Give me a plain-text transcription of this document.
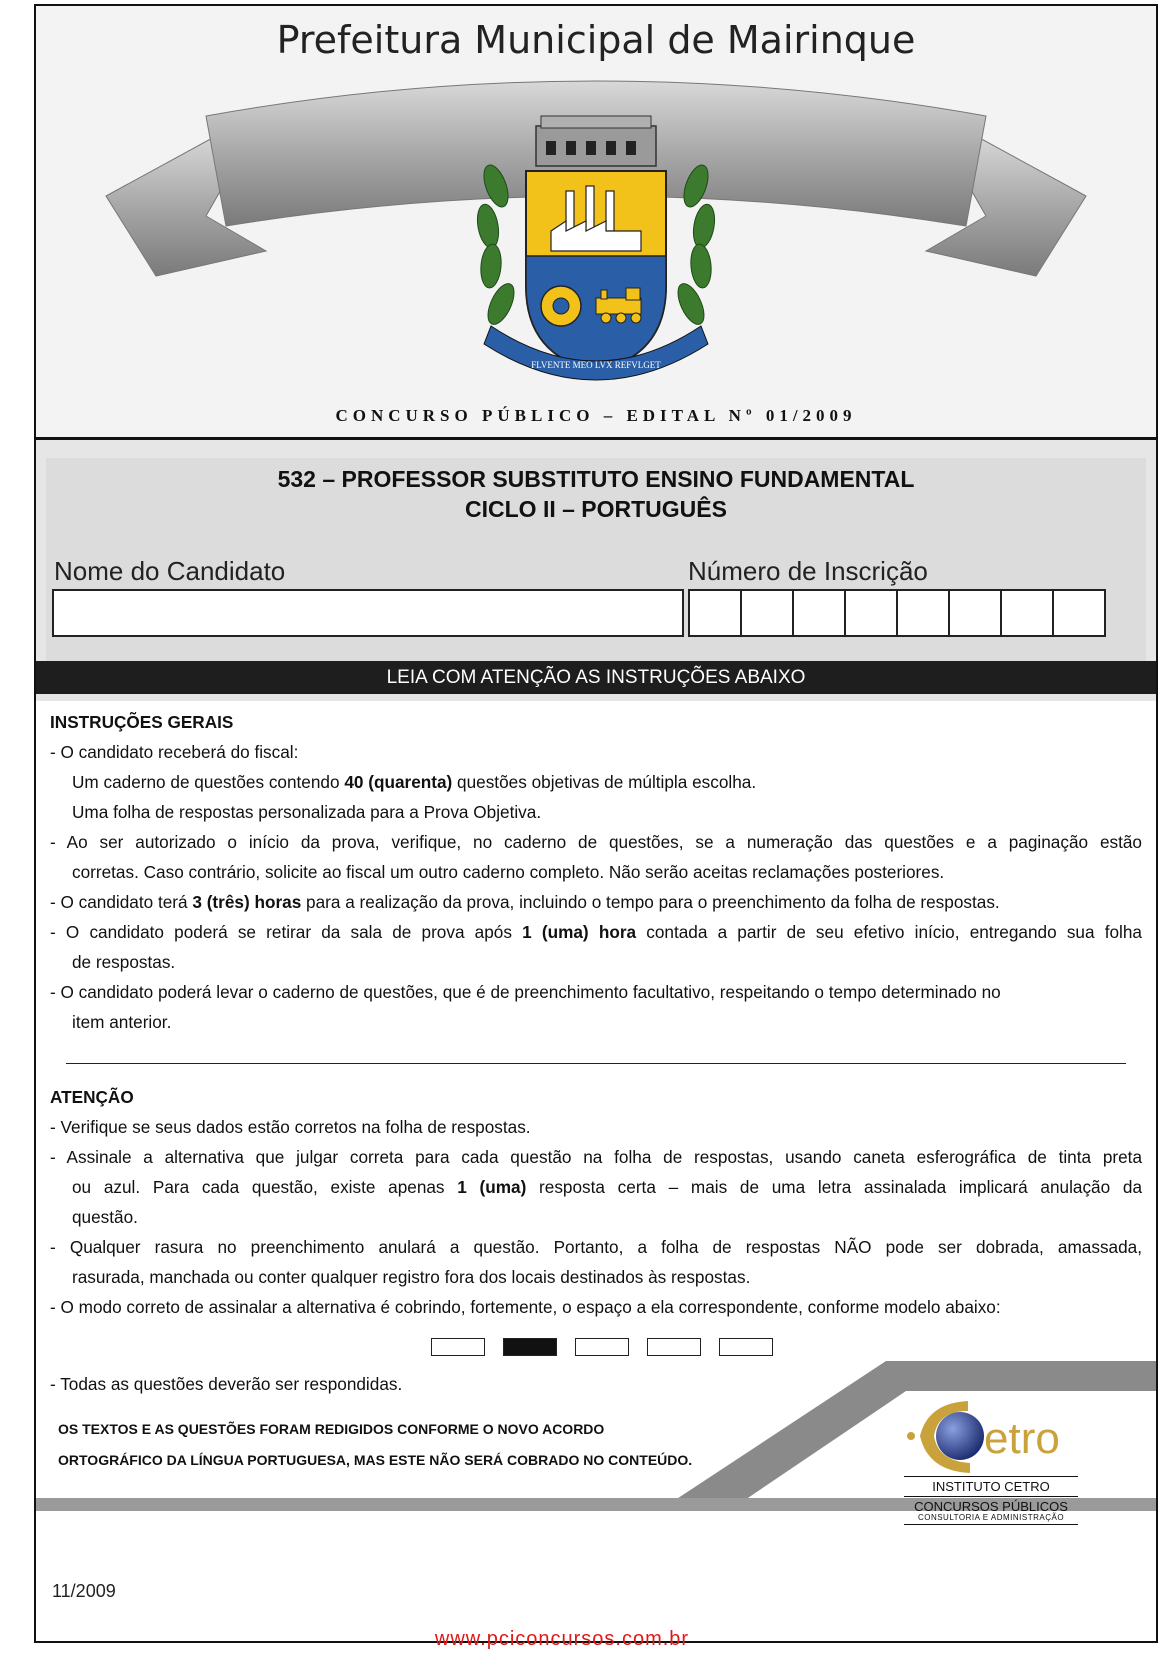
Prefeitura Municipal de Mairinque
FLVENTE MEO LVX REFVLGET
CONCURSO PÚBLICO – EDITAL Nº 01/2009
532 – PROFESSOR SUBSTITUTO ENSINO FUNDAMENTAL
CICLO II – PORTUGUÊS
Nome do Candidato	Número de Inscrição
LEIA COM ATENÇÃO AS INSTRUÇÕES ABAIXO
INSTRUÇÕES GERAIS
- O candidato receberá do fiscal:
Um caderno de questões contendo 40 (quarenta) questões objetivas de múltipla escolha.
Uma folha de respostas personalizada para a Prova Objetiva.
- Ao ser autorizado o início da prova, verifique, no caderno de questões, se a numeração das questões e a paginação estão
corretas. Caso contrário, solicite ao fiscal um outro caderno completo. Não serão aceitas reclamações posteriores.
- O candidato terá 3 (três) horas para a realização da prova, incluindo o tempo para o preenchimento da folha de respostas.
- O candidato poderá se retirar da sala de prova após 1 (uma) hora contada a partir de seu efetivo início, entregando sua folha
de respostas.
- O candidato poderá levar o caderno de questões, que é de preenchimento facultativo, respeitando o tempo determinado no
item anterior.
ATENÇÃO
- Verifique se seus dados estão corretos na folha de respostas.
- Assinale a alternativa que julgar correta para cada questão na folha de respostas, usando caneta esferográfica de tinta preta
ou azul. Para cada questão, existe apenas 1 (uma) resposta certa – mais de uma letra assinalada implicará anulação da
questão.
- Qualquer rasura no preenchimento anulará a questão. Portanto, a folha de respostas NÃO pode ser dobrada, amassada,
rasurada, manchada ou conter qualquer registro fora dos locais destinados às respostas.
- O modo correto de assinalar a alternativa é cobrindo, fortemente, o espaço a ela correspondente, conforme modelo abaixo:
- Todas as questões deverão ser respondidas.
OS TEXTOS E AS QUESTÕES FORAM REDIGIDOS CONFORME O NOVO ACORDO
ORTOGRÁFICO DA LÍNGUA PORTUGUESA, MAS ESTE NÃO SERÁ COBRADO NO CONTEÚDO.	etro
INSTITUTO CETRO
CONCURSOS PÚBLICOS
CONSULTORIA E ADMINISTRAÇÃO
11/2009
www.pciconcursos.com.br
